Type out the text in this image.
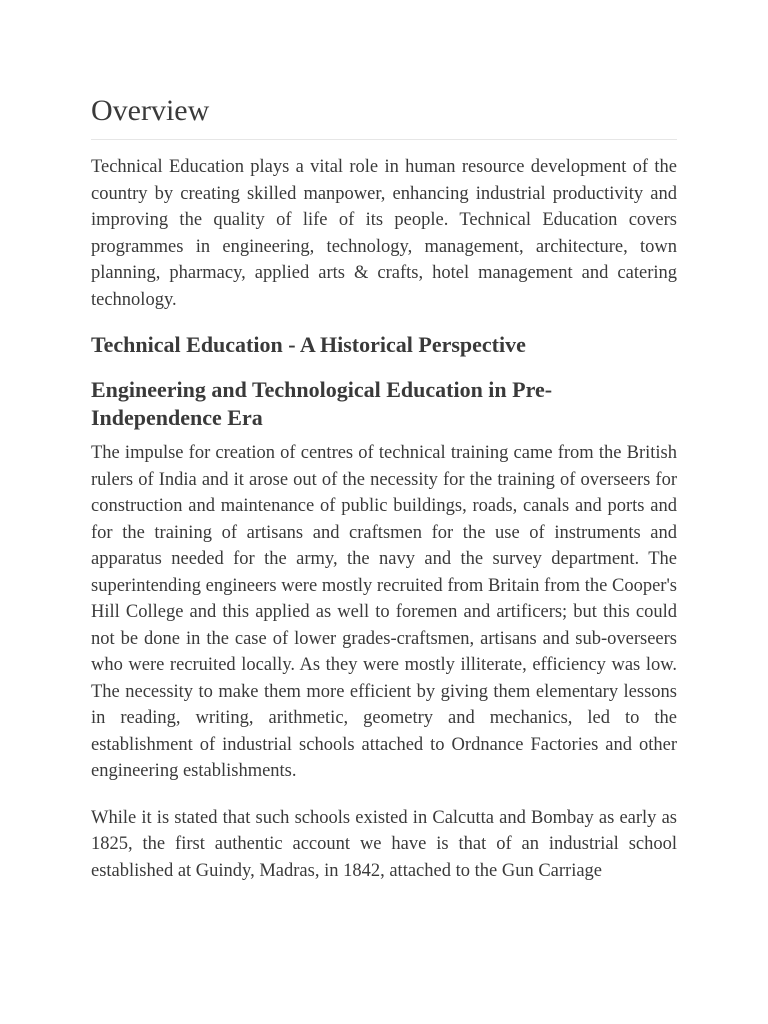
Overview

Technical Education plays a vital role in human resource development of the country by creating skilled manpower, enhancing industrial productivity and improving the quality of life of its people. Technical Education covers programmes in engineering, technology, management, architecture, town planning, pharmacy, applied arts & crafts, hotel management and catering technology.

Technical Education - A Historical Perspective
Engineering and Technological Education in Pre-Independence Era

The impulse for creation of centres of technical training came from the British rulers of India and it arose out of the necessity for the training of overseers for construction and maintenance of public buildings, roads, canals and ports and for the training of artisans and craftsmen for the use of instruments and apparatus needed for the army, the navy and the survey department. The superintending engineers were mostly recruited from Britain from the Cooper's Hill College and this applied as well to foremen and artificers; but this could not be done in the case of lower grades-craftsmen, artisans and sub-overseers who were recruited locally. As they were mostly illiterate, efficiency was low. The necessity to make them more efficient by giving them elementary lessons in reading, writing, arithmetic, geometry and mechanics, led to the establishment of industrial schools attached to Ordnance Factories and other engineering establishments.

While it is stated that such schools existed in Calcutta and Bombay as early as 1825, the first authentic account we have is that of an industrial school established at Guindy, Madras, in 1842, attached to the Gun Carriage
